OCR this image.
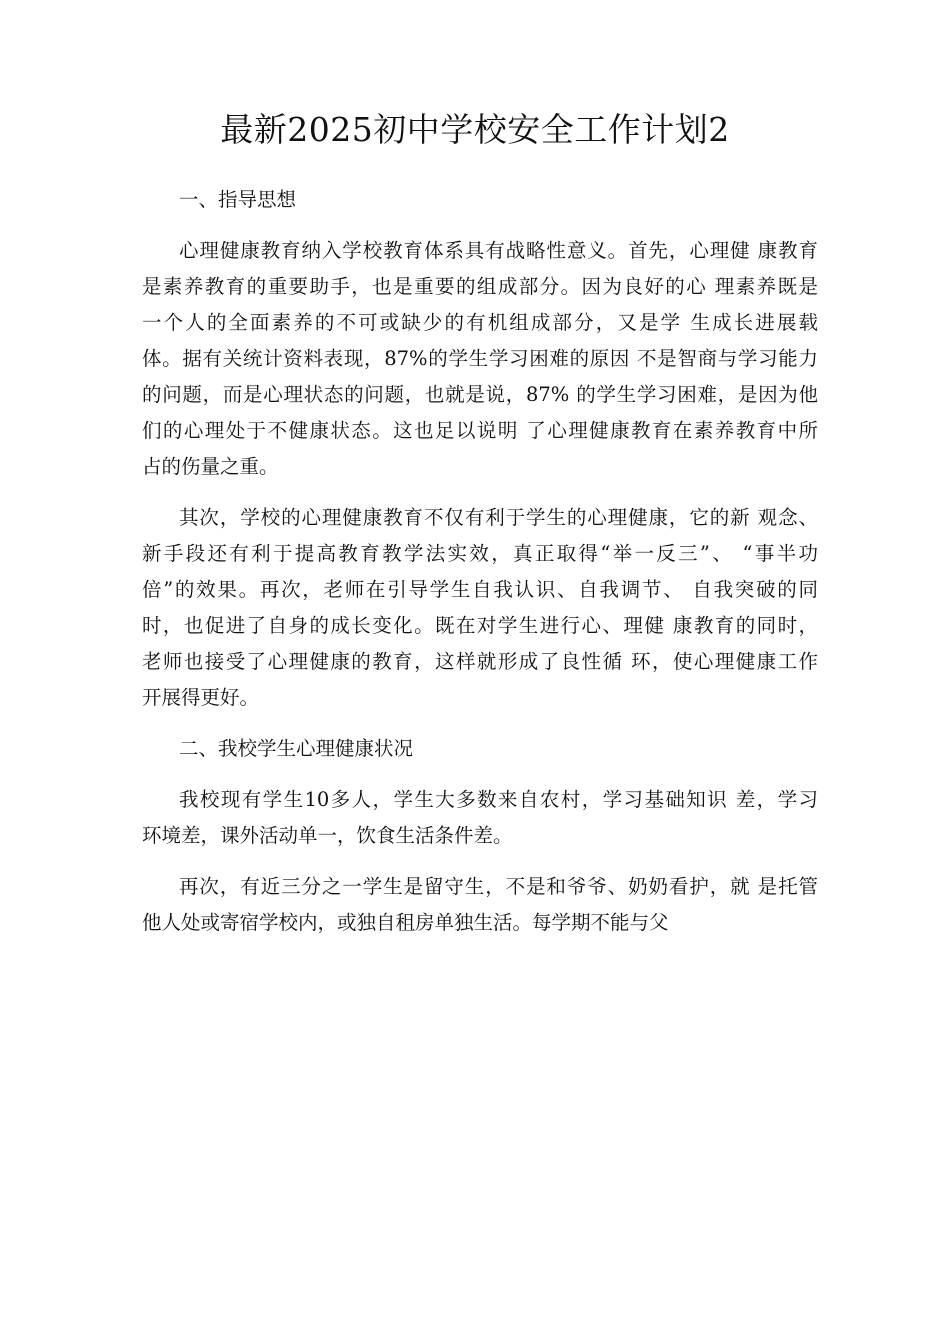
最新2025初中学校安全工作计划2
一、指导思想
心理健康教育纳入学校教育体系具有战略性意义。首先，心理健 康教育
是素养教育的重要助手，也是重要的组成部分。因为良好的心 理素养既是
一个人的全面素养的不可或缺少的有机组成部分，又是学 生成长进展载
体。据有关统计资料表现，87%的学生学习困难的原因 不是智商与学习能力
的问题，而是心理状态的问题，也就是说，87% 的学生学习困难，是因为他
们的心理处于不健康状态。这也足以说明 了心理健康教育在素养教育中所
占的伤量之重。
其次，学校的心理健康教育不仅有利于学生的心理健康，它的新 观念、
新手段还有利于提高教育教学法实效，真正取得“举一反三”、 “事半功
倍”的效果。再次，老师在引导学生自我认识、自我调节、 自我突破的同
时，也促进了自身的成长变化。既在对学生进行心、理健 康教育的同时，
老师也接受了心理健康的教育，这样就形成了良性循 环，使心理健康工作
开展得更好。
二、我校学生心理健康状况
我校现有学生10多人，学生大多数来自农村，学习基础知识 差，学习
环境差，课外活动单一，饮食生活条件差。
再次，有近三分之一学生是留守生，不是和爷爷、奶奶看护，就 是托管
他人处或寄宿学校内，或独自租房单独生活。每学期不能与父
